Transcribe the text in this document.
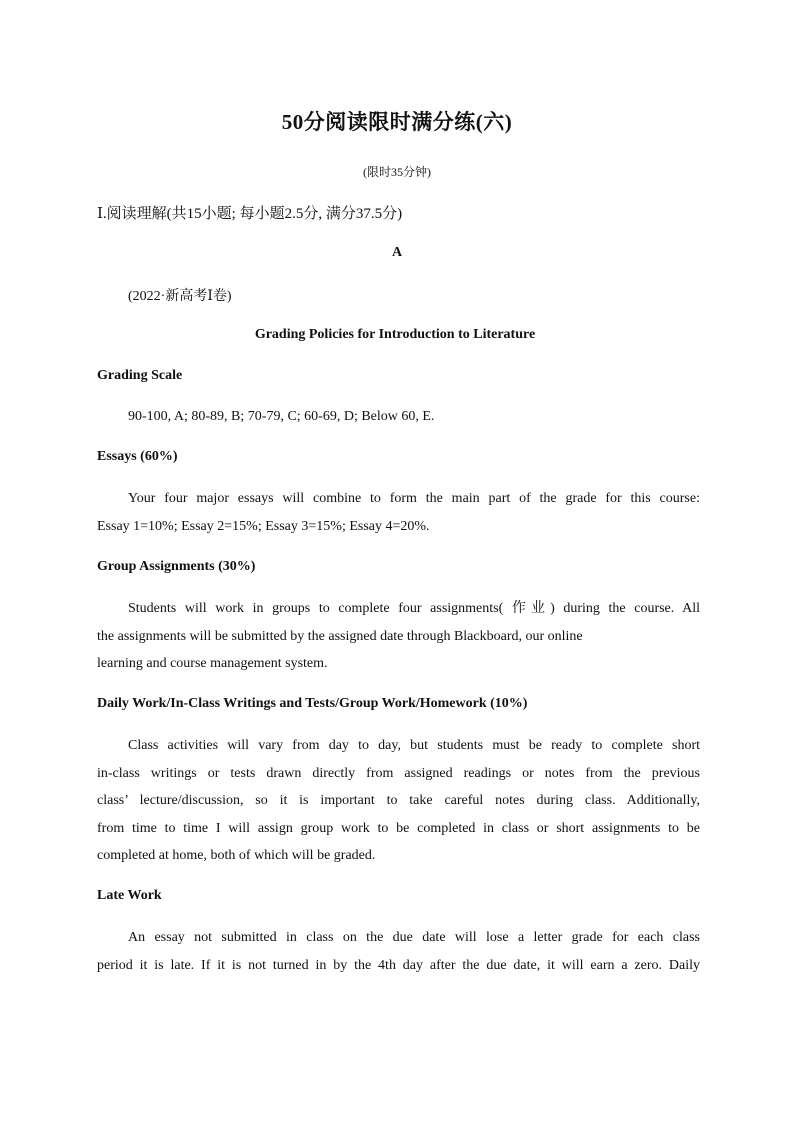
50分阅读限时满分练(六)
(限时35分钟)
Ⅰ.阅读理解(共15小题; 每小题2.5分, 满分37.5分)
A
(2022·新高考Ⅰ卷)
Grading Policies for Introduction to Literature
Grading Scale
90-100, A; 80-89, B; 70-79, C; 60-69, D; Below 60, E.
Essays (60%)
Your four major essays will combine to form the main part of the grade for this course:
Essay 1=10%; Essay 2=15%; Essay 3=15%; Essay 4=20%.
Group Assignments (30%)
Students will work in groups to complete four assignments( 作业) during the course. All
the assignments will be submitted by the assigned date through Blackboard, our online
learning and course management system.
Daily Work/In-Class Writings and Tests/Group Work/Homework (10%)
Class activities will vary from day to day, but students must be ready to complete short
in-class writings or tests drawn directly from assigned readings or notes from the previous
class’ lecture/discussion, so it is important to take careful notes during class. Additionally,
from time to time I will assign group work to be completed in class or short assignments to be
completed at home, both of which will be graded.
Late Work
An essay not submitted in class on the due date will lose a letter grade for each class
period it is late. If it is not turned in by the 4th day after the due date, it will earn a zero. Daily
